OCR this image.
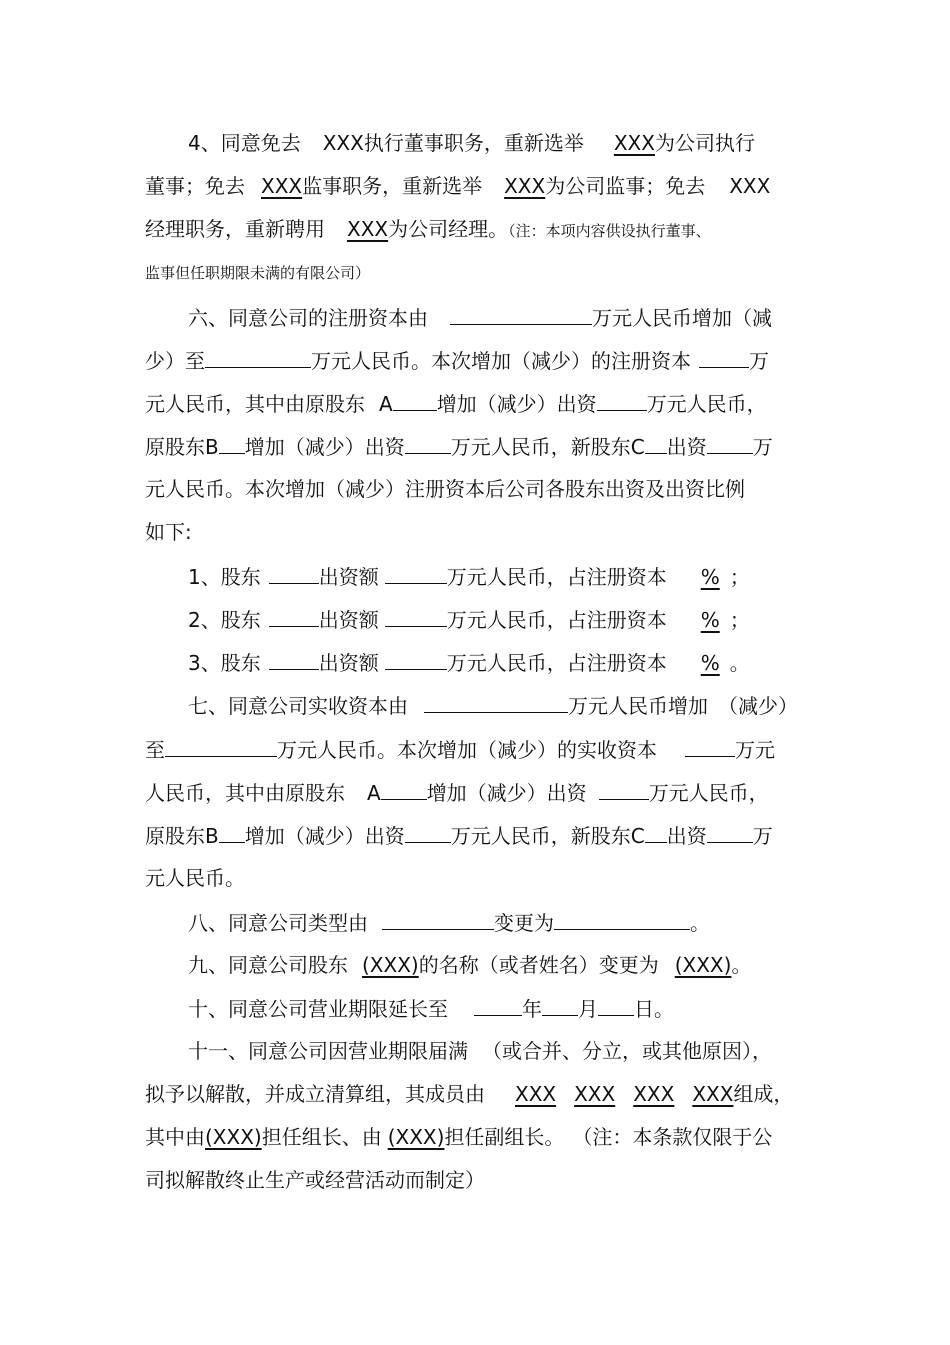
4、同意免去 XXX执行董事职务，重新选举 XXX为公司执行
董事；免去 XXX监事职务，重新选举 XXX为公司监事；免去 XXX
经理职务，重新聘用 XXX为公司经理。（注：本项内容供设执行董事、
监事但任职期限未满的有限公司）
六、同意公司的注册资本由	万元人民币增加（减
少）至	万元人民币。本次增加（减少）的注册资本	万
元人民币，其中由原股东 A 增加（减少）出资	万元人民币，
原股东B 增加（减少）出资 万元人民币，新股东C 出资 万
元人民币。本次增加（减少）注册资本后公司各股东出资及出资比例
如下:
1、股东	出资额	万元人民币，占注册资本 % ；
2、股东	出资额	万元人民币，占注册资本 % ；
3、股东	出资额	万元人民币，占注册资本 % 。
七、同意公司实收资本由	万元人民币增加 （减少）
至	万元人民币。本次增加（减少）的实收资本	万元
人民币，其中由原股东 A 增加（减少）出资	万元人民币，
原股东B 增加（减少）出资 万元人民币，新股东C 出资 万
元人民币。
八、同意公司类型由	变更为	。
九、同意公司股东 (XXX)的名称（或者姓名）变更为 (XXX)。
十、同意公司营业期限延长至	年 月 日。
十一、同意公司因营业期限届满 （或合并、分立，或其他原因），
拟予以解散，并成立清算组，其成员由 XXX XXX XXX XXX组成，
其中由(XXX)担任组长、由 (XXX)担任副组长。 （注：本条款仅限于公
司拟解散终止生产或经营活动而制定）
